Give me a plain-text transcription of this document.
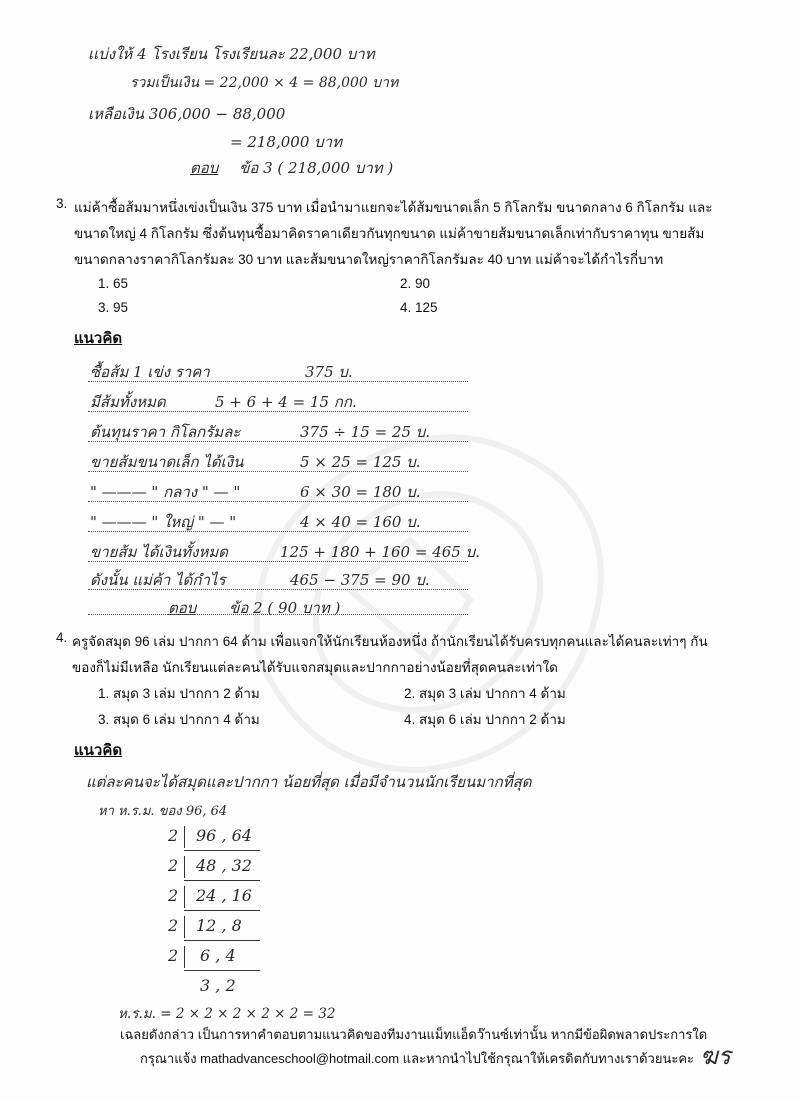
เเบ่งให้ 4 โรงเรียน โรงเรียนละ 22,000 บาท
รวมเป็นเงิน = 22,000 × 4 = 88,000 บาท
เหลือเงิน 306,000 − 88,000
= 218,000 บาท
ตอบ ข้อ 3 ( 218,000 บาท )
3. แม่ค้าซื้อส้มมาหนึ่งเข่งเป็นเงิน 375 บาท เมื่อนำมาแยกจะได้ส้มขนาดเล็ก 5 กิโลกรัม ขนาดกลาง 6 กิโลกรัม และ
ขนาดใหญ่ 4 กิโลกรัม ซึ่งต้นทุนซื้อมาคิดราคาเดียวกันทุกขนาด แม่ค้าขายส้มขนาดเล็กเท่ากับราคาทุน ขายส้ม
ขนาดกลางราคากิโลกรัมละ 30 บาท และส้มขนาดใหญ่ราคากิโลกรัมละ 40 บาท แม่ค้าจะได้กำไรกี่บาท
1. 65	2. 90
3. 95	4. 125
แนวคิด
ซื้อส้ม 1 เข่ง ราคา	375 บ.
มีส้มทั้งหมด	5 + 6 + 4 = 15 กก.
ต้นทุนราคา กิโลกรัมละ	375 ÷ 15 = 25 บ.
ขายส้มขนาดเล็ก ได้เงิน	5 × 25 = 125 บ.
" ——— " กลาง " — "	6 × 30 = 180 บ.
" ——— " ใหญ่ " — "	4 × 40 = 160 บ.
ขายส้ม ได้เงินทั้งหมด	125 + 180 + 160 = 465 บ.
ดังนั้น แม่ค้า ได้กำไร	465 − 375 = 90 บ.
ตอบ ข้อ 2 ( 90 บาท )
4. ครูจัดสมุด 96 เล่ม ปากกา 64 ด้าม เพื่อแจกให้นักเรียนห้องหนึ่ง ถ้านักเรียนได้รับครบทุกคนและได้คนละเท่าๆ กัน
ของก็ไม่มีเหลือ นักเรียนแต่ละคนได้รับแจกสมุดและปากกาอย่างน้อยที่สุดคนละเท่าใด
1. สมุด 3 เล่ม ปากกา 2 ด้าม	2. สมุด 3 เล่ม ปากกา 4 ด้าม
3. สมุด 6 เล่ม ปากกา 4 ด้าม	4. สมุด 6 เล่ม ปากกา 2 ด้าม
แนวคิด
แต่ละคนจะได้สมุดและปากกา น้อยที่สุด เมื่อมีจำนวนนักเรียนมากที่สุด
หา ห.ร.ม. ของ 96, 64
2 96 , 64
2 48 , 32
2 24 , 16
2 12 , 8
2 6 , 4
3 , 2
ห.ร.ม. = 2 × 2 × 2 × 2 × 2 = 32
เฉลยดังกล่าว เป็นการหาคำตอบตามแนวคิดของทีมงานแม็ทแอ็ดว๊านซ์เท่านั้น หากมีข้อผิดพลาดประการใด
กรุณาแจ้ง mathadvanceschool@hotmail.com และหากนำไปใช้กรุณาให้เครดิตกับทางเราด้วยนะคะ ฆร
